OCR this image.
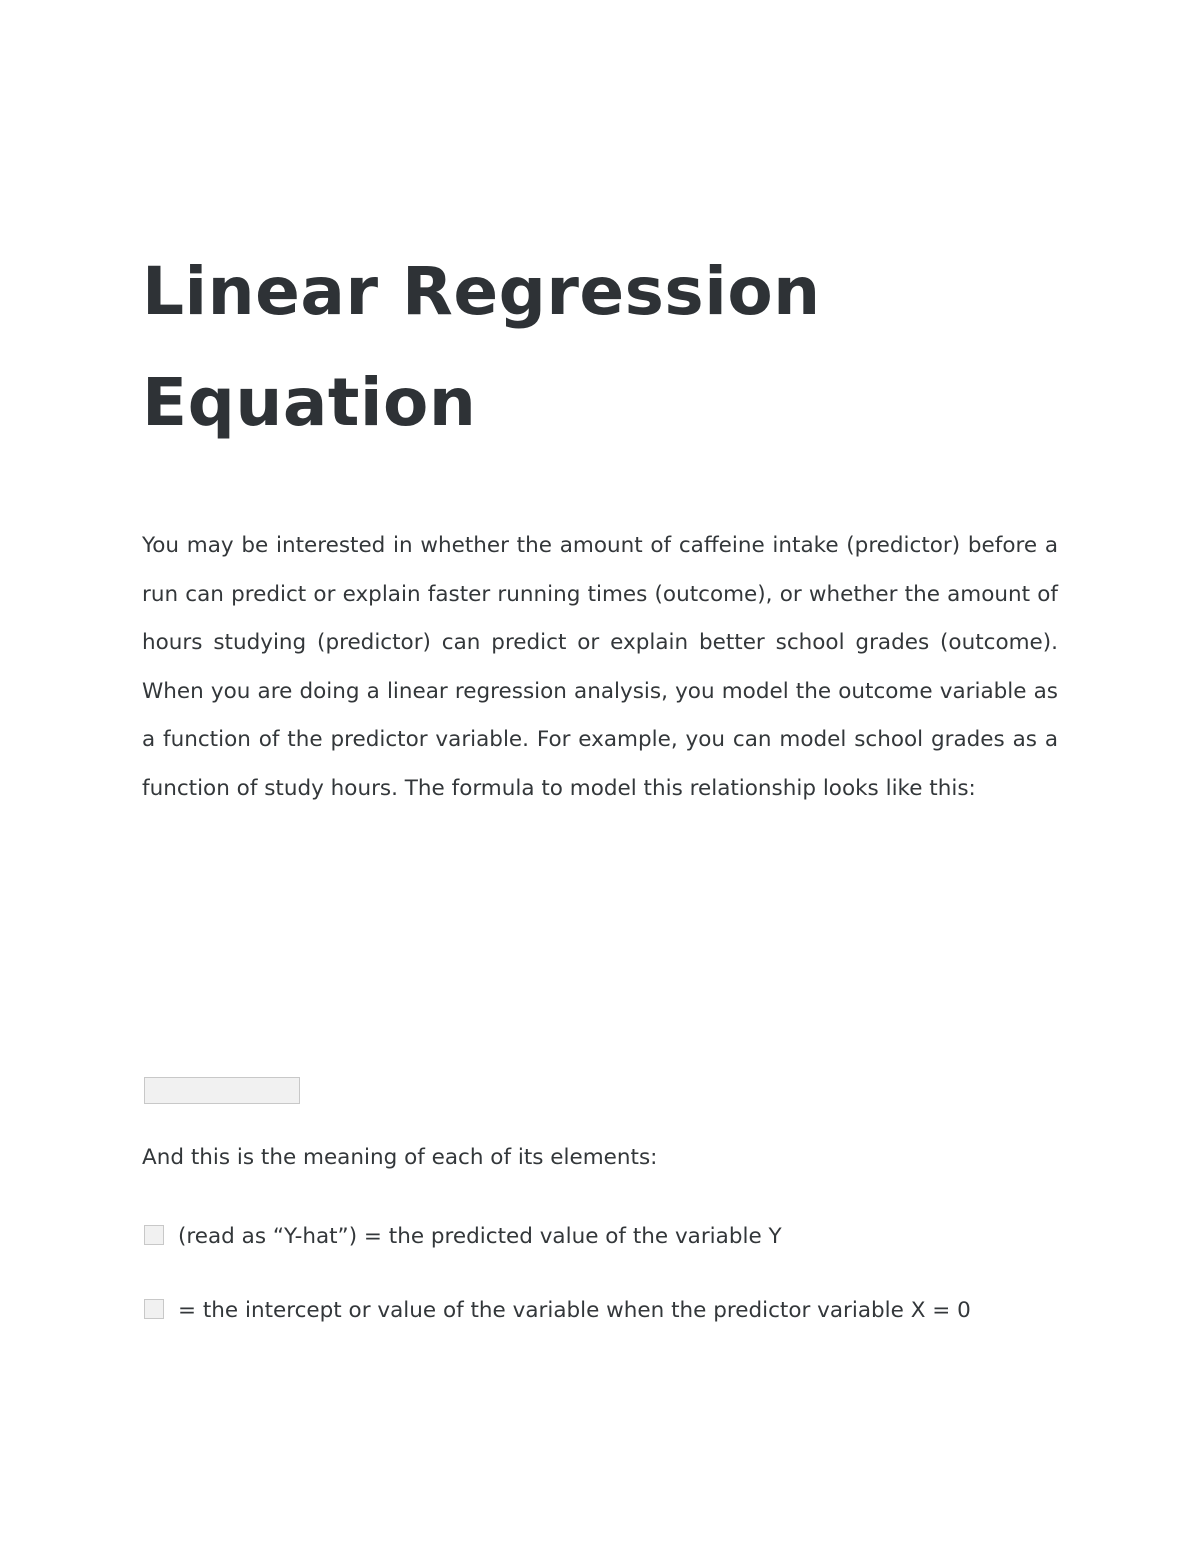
Linear Regression
Equation

You may be interested in whether the amount of caffeine intake (predictor) before a run can predict or explain faster running times (outcome), or whether the amount of hours studying (predictor) can predict or explain better school grades (outcome). When you are doing a linear regression analysis, you model the outcome variable as a function of the predictor variable. For example, you can model school grades as a function of study hours. The formula to model this relationship looks like this:

And this is the meaning of each of its elements:

(read as “Y-hat”) = the predicted value of the variable Y

= the intercept or value of the variable when the predictor variable X = 0
